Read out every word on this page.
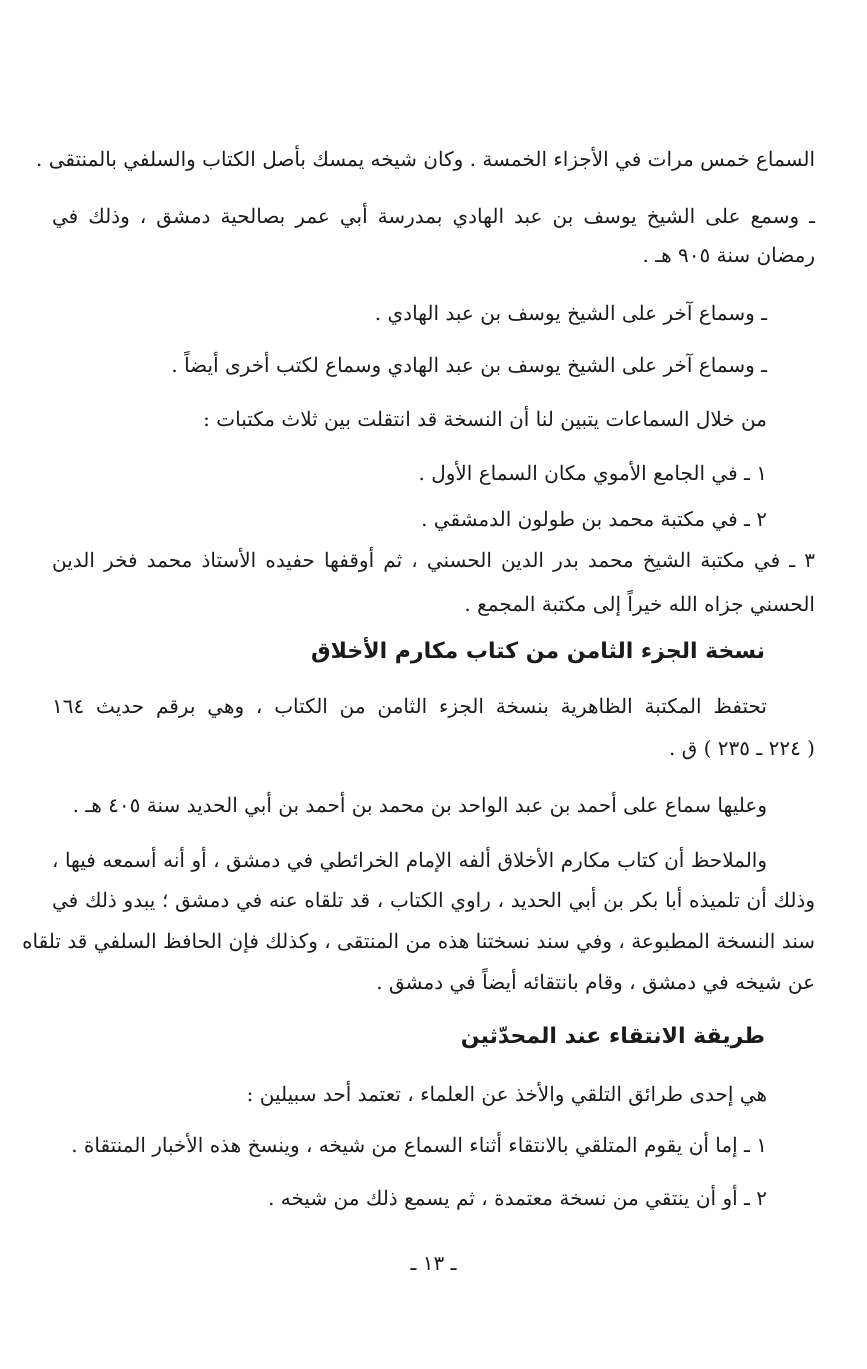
السماع خمس مرات في الأجزاء الخمسة . وكان شيخه يمسك بأصل الكتاب والسلفي بالمنتقى .
ـ وسمع على الشيخ يوسف بن عبد الهادي بمدرسة أبي عمر بصالحية دمشق ، وذلك في
رمضان سنة ٩٠٥ هـ .
ـ وسماع آخر على الشيخ يوسف بن عبد الهادي .
ـ وسماع آخر على الشيخ يوسف بن عبد الهادي وسماع لكتب أخرى أيضاً .
من خلال السماعات يتبين لنا أن النسخة قد انتقلت بين ثلاث مكتبات :
١ ـ في الجامع الأموي مكان السماع الأول .
٢ ـ في مكتبة محمد بن طولون الدمشقي .
٣ ـ في مكتبة الشيخ محمد بدر الدين الحسني ، ثم أوقفها حفيده الأستاذ محمد فخر الدين
الحسني جزاه الله خيراً إلى مكتبة المجمع .
نسخة الجزء الثامن من كتاب مكارم الأخلاق
تحتفظ المكتبة الظاهرية بنسخة الجزء الثامن من الكتاب ، وهي برقم حديث ١٦٤
( ٢٢٤ ـ ٢٣٥ ) ق .
وعليها سماع على أحمد بن عبد الواحد بن محمد بن أحمد بن أبي الحديد سنة ٤٠٥ هـ .
والملاحظ أن كتاب مكارم الأخلاق ألفه الإمام الخرائطي في دمشق ، أو أنه أسمعه فيها ،
وذلك أن تلميذه أبا بكر بن أبي الحديد ، راوي الكتاب ، قد تلقاه عنه في دمشق ؛ يبدو ذلك في
سند النسخة المطبوعة ، وفي سند نسختنا هذه من المنتقى ، وكذلك فإن الحافظ السلفي قد تلقاه
عن شيخه في دمشق ، وقام بانتقائه أيضاً في دمشق .
طريقة الانتقاء عند المحدّثين
هي إحدى طرائق التلقي والأخذ عن العلماء ، تعتمد أحد سبيلين :
١ ـ إما أن يقوم المتلقي بالانتقاء أثناء السماع من شيخه ، وينسخ هذه الأخبار المنتقاة .
٢ ـ أو أن ينتقي من نسخة معتمدة ، ثم يسمع ذلك من شيخه .
ـ ١٣ ـ
